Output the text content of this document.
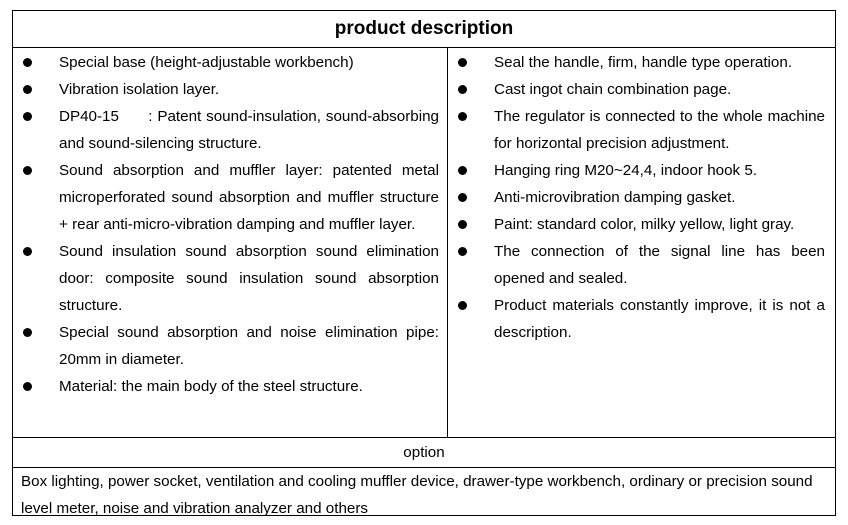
product description
Special base (height-adjustable workbench)
Vibration isolation layer.
DP40-15      : Patent sound-insulation, sound-absorbing and sound-silencing structure.
Sound absorption and muffler layer: patented metal microperforated sound absorption and muffler structure + rear anti-micro-vibration damping and muffler layer.
Sound insulation sound absorption sound elimination door: composite sound insulation sound absorption structure.
Special sound absorption and noise elimination pipe: 20mm in diameter.
Material: the main body of the steel structure.
Seal the handle, firm, handle type operation.
Cast ingot chain combination page.
The regulator is connected to the whole machine for horizontal precision adjustment.
Hanging ring M20~24,4, indoor hook 5.
Anti-microvibration damping gasket.
Paint: standard color, milky yellow, light gray.
The connection of the signal line has been opened and sealed.
Product materials constantly improve, it is not a description.
option
Box lighting, power socket, ventilation and cooling muffler device, drawer-type workbench, ordinary or precision sound level meter, noise and vibration analyzer and others
